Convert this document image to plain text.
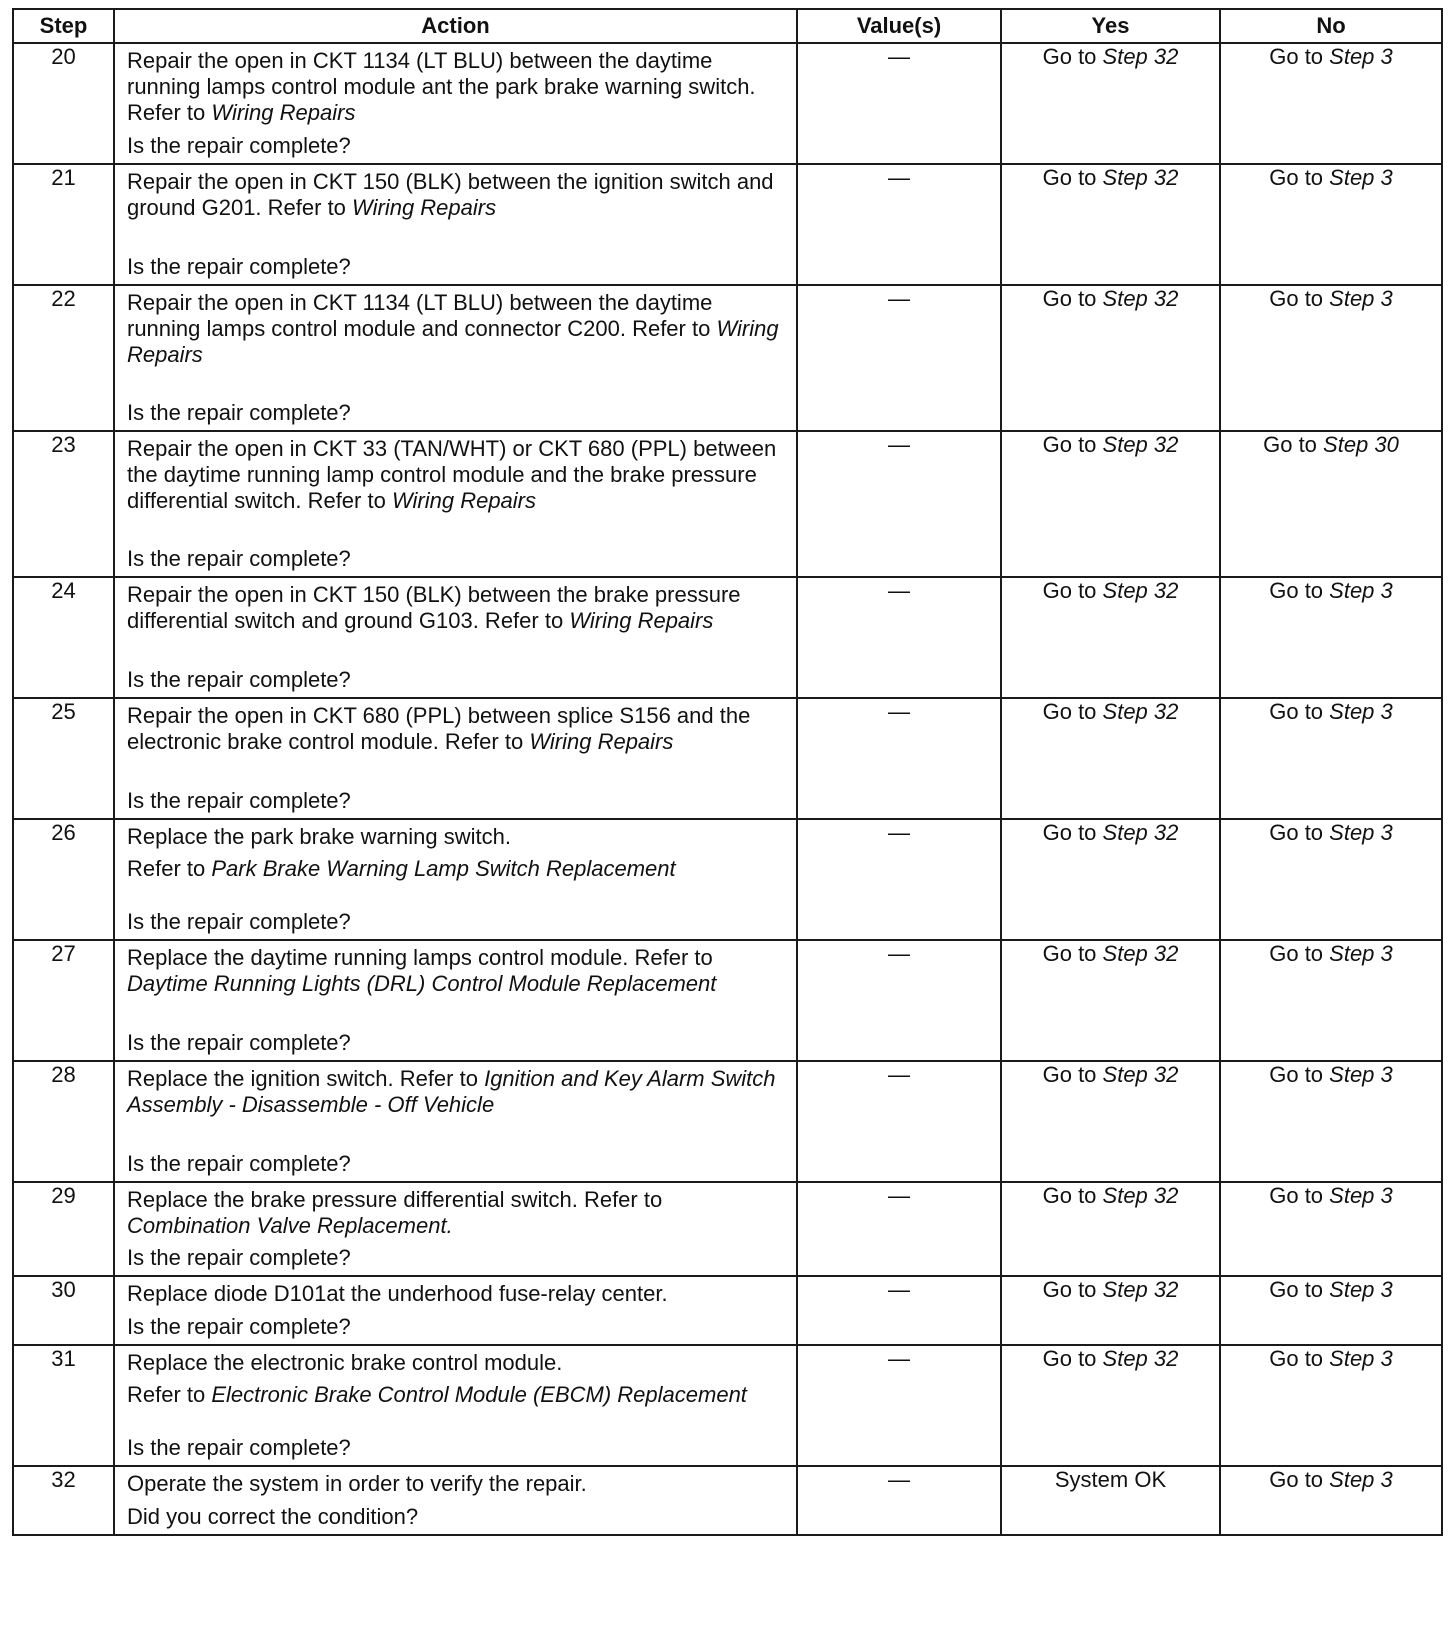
Step	Action	Value(s)	Yes	No
20	Repair the open in CKT 1134 (LT BLU) between the daytime running lamps control module ant the park brake warning switch. Refer to Wiring Repairs

Is the repair complete?	—	Go to Step 32	Go to Step 3
21	Repair the open in CKT 150 (BLK) between the ignition switch and ground G201. Refer to Wiring Repairs

Is the repair complete?	—	Go to Step 32	Go to Step 3
22	Repair the open in CKT 1134 (LT BLU) between the daytime running lamps control module and connector C200. Refer to Wiring Repairs

Is the repair complete?	—	Go to Step 32	Go to Step 3
23	Repair the open in CKT 33 (TAN/WHT) or CKT 680 (PPL) between the daytime running lamp control module and the brake pressure differential switch. Refer to Wiring Repairs

Is the repair complete?	—	Go to Step 32	Go to Step 30
24	Repair the open in CKT 150 (BLK) between the brake pressure differential switch and ground G103. Refer to Wiring Repairs

Is the repair complete?	—	Go to Step 32	Go to Step 3
25	Repair the open in CKT 680 (PPL) between splice S156 and the electronic brake control module. Refer to Wiring Repairs

Is the repair complete?	—	Go to Step 32	Go to Step 3
26	Replace the park brake warning switch.

Refer to Park Brake Warning Lamp Switch Replacement

Is the repair complete?	—	Go to Step 32	Go to Step 3
27	Replace the daytime running lamps control module. Refer to Daytime Running Lights (DRL) Control Module Replacement

Is the repair complete?	—	Go to Step 32	Go to Step 3
28	Replace the ignition switch. Refer to Ignition and Key Alarm Switch Assembly - Disassemble - Off Vehicle

Is the repair complete?	—	Go to Step 32	Go to Step 3
29	Replace the brake pressure differential switch. Refer to Combination Valve Replacement.

Is the repair complete?	—	Go to Step 32	Go to Step 3
30	Replace diode D101at the underhood fuse-relay center.

Is the repair complete?	—	Go to Step 32	Go to Step 3
31	Replace the electronic brake control module.

Refer to Electronic Brake Control Module (EBCM) Replacement

Is the repair complete?	—	Go to Step 32	Go to Step 3
32	Operate the system in order to verify the repair.

Did you correct the condition?	—	System OK	Go to Step 3
